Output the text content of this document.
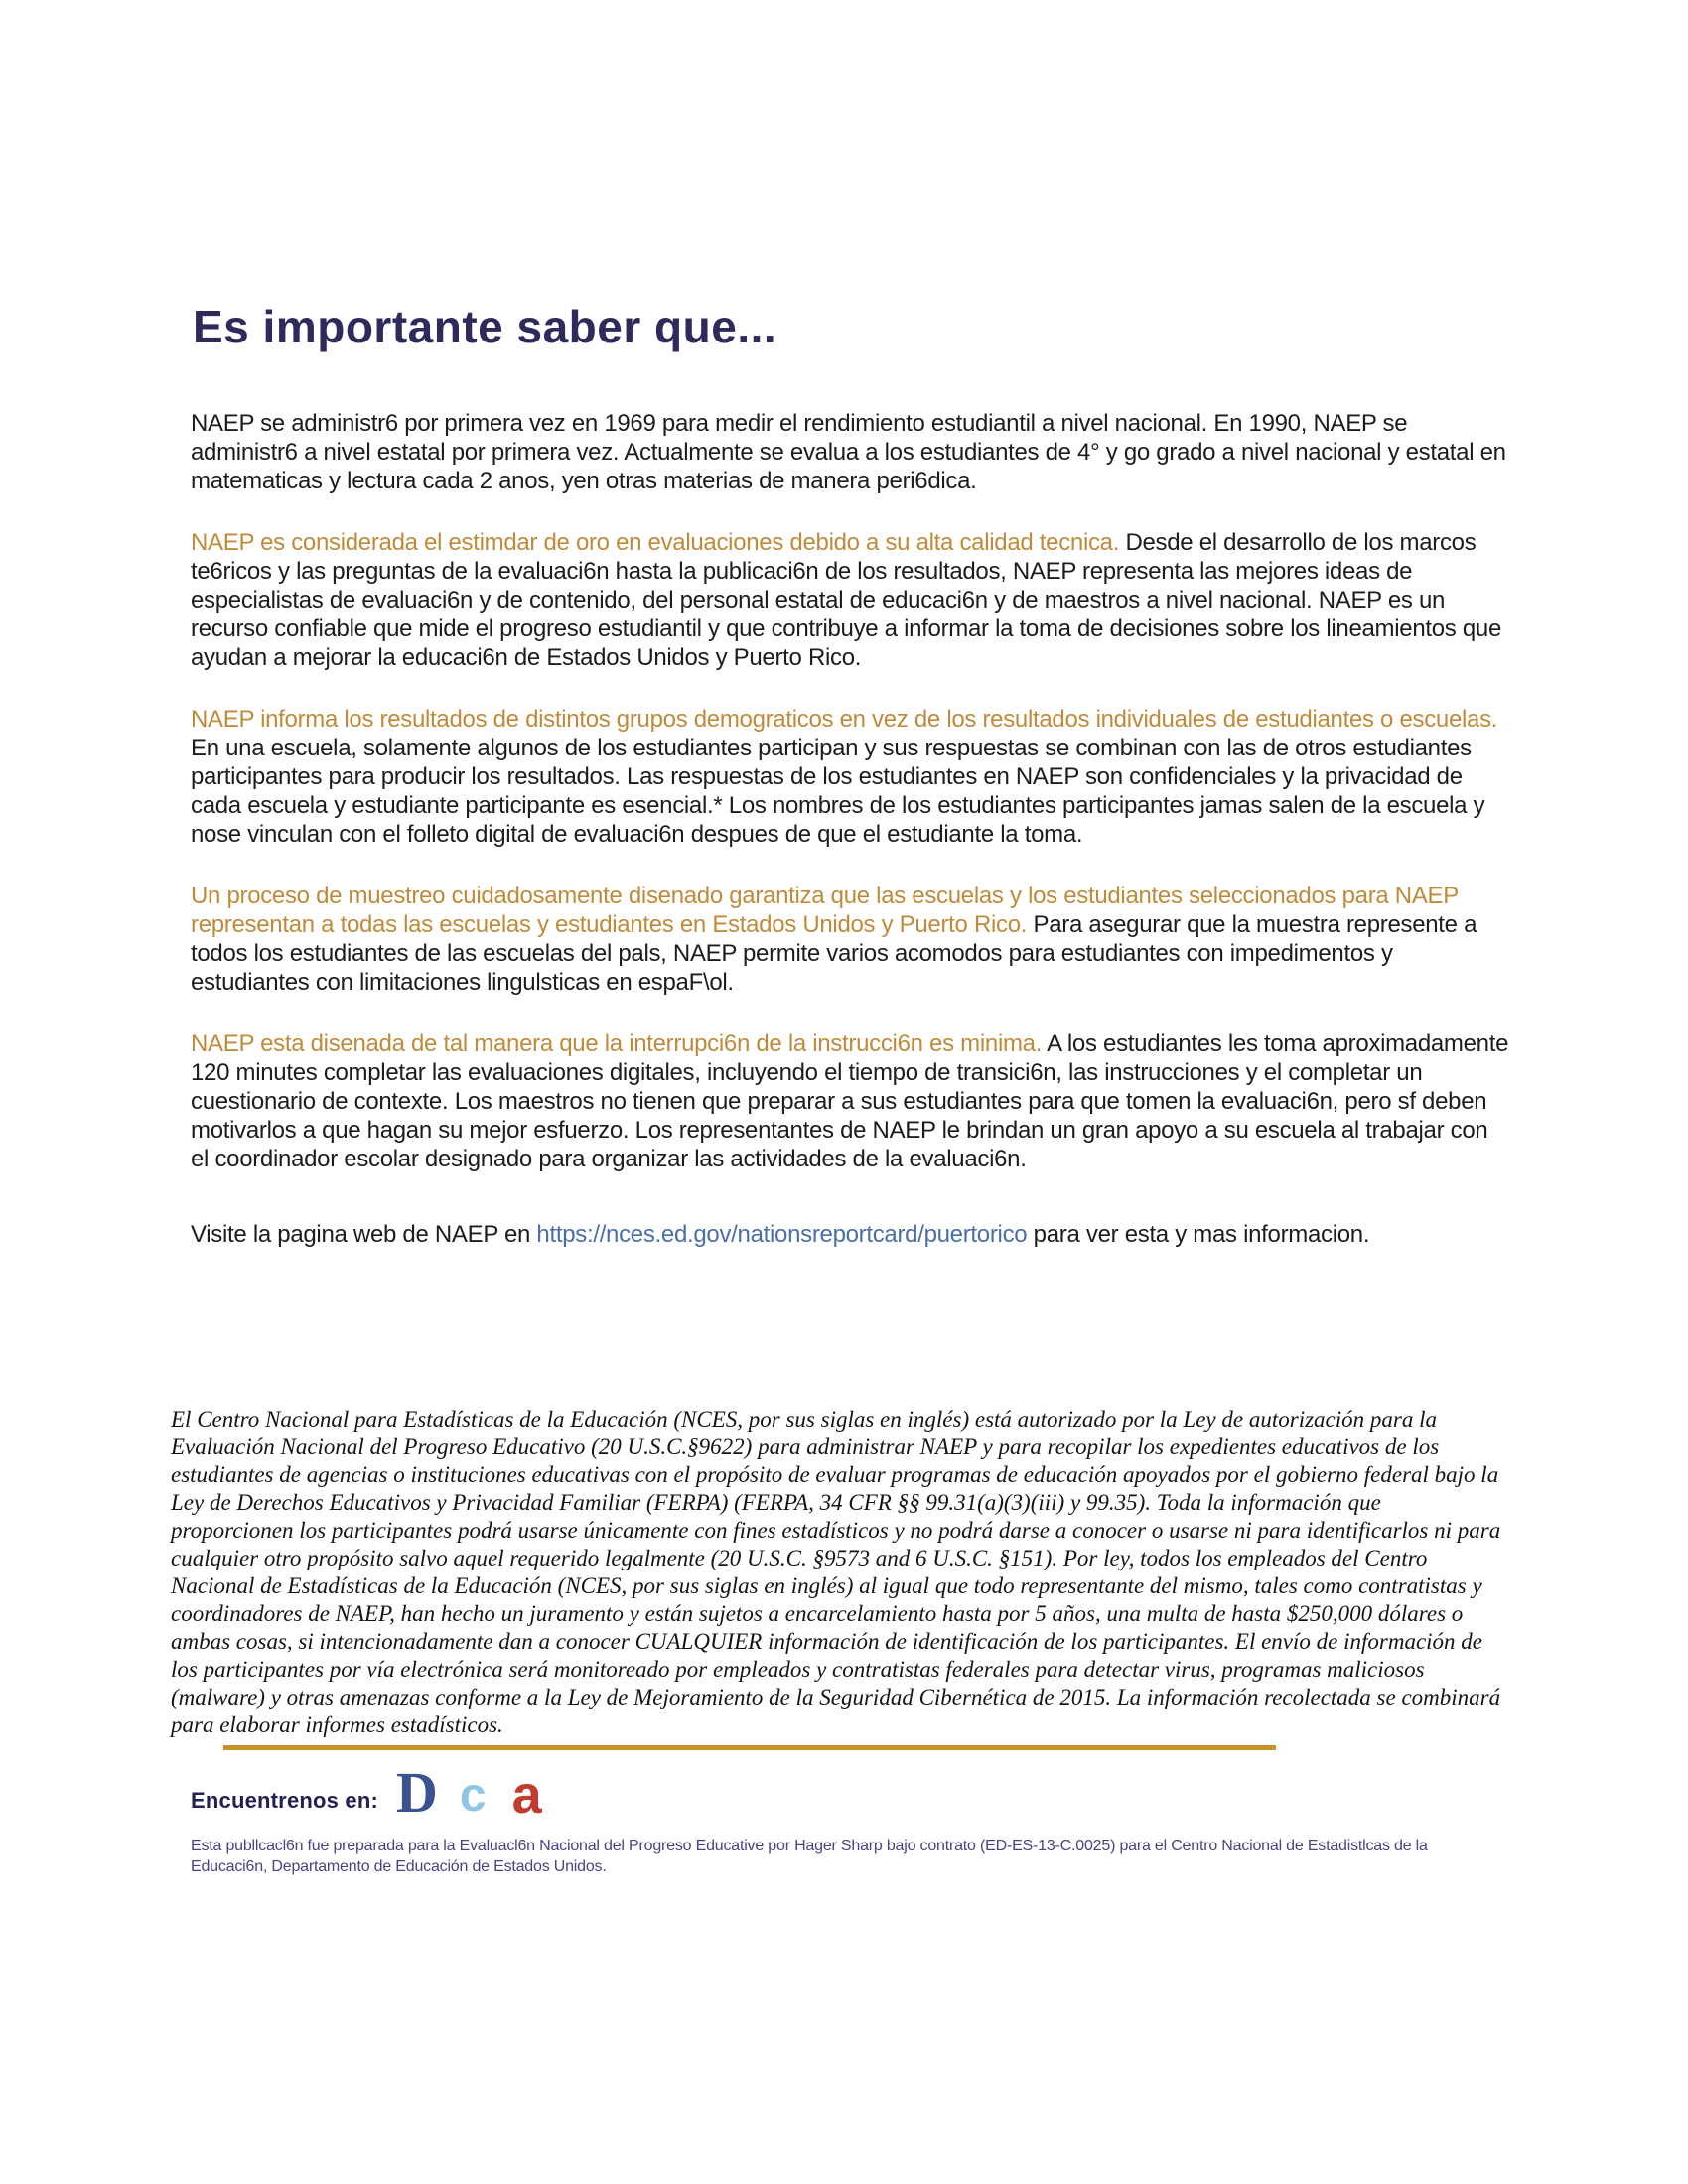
Es importante saber que...

NAEP se administr6 por primera vez en 1969 para medir el rendimiento estudiantil a nivel nacional. En 1990, NAEP se administr6 a nivel estatal por primera vez. Actualmente se evalua a los estudiantes de 4° y go grado a nivel nacional y estatal en matematicas y lectura cada 2 anos, yen otras materias de manera peri6dica.

NAEP es considerada el estimdar de oro en evaluaciones debido a su alta calidad tecnica. Desde el desarrollo de los marcos te6ricos y las preguntas de la evaluaci6n hasta la publicaci6n de los resultados, NAEP representa las mejores ideas de especialistas de evaluaci6n y de contenido, del personal estatal de educaci6n y de maestros a nivel nacional. NAEP es un recurso confiable que mide el progreso estudiantil y que contribuye a informar la toma de decisiones sobre los lineamientos que ayudan a mejorar la educaci6n de Estados Unidos y Puerto Rico.

NAEP informa los resultados de distintos grupos demograticos en vez de los resultados individuales de estudiantes o escuelas. En una escuela, solamente algunos de los estudiantes participan y sus respuestas se combinan con las de otros estudiantes participantes para producir los resultados. Las respuestas de los estudiantes en NAEP son confidenciales y la privacidad de cada escuela y estudiante participante es esencial.* Los nombres de los estudiantes participantes jamas salen de la escuela y nose vinculan con el folleto digital de evaluaci6n despues de que el estudiante la toma.

Un proceso de muestreo cuidadosamente disenado garantiza que las escuelas y los estudiantes seleccionados para NAEP representan a todas las escuelas y estudiantes en Estados Unidos y Puerto Rico. Para asegurar que la muestra represente a todos los estudiantes de las escuelas del pals, NAEP permite varios acomodos para estudiantes con impedimentos y estudiantes con limitaciones lingulsticas en espaF\ol.

NAEP esta disenada de tal manera que la interrupci6n de la instrucci6n es minima. A los estudiantes les toma aproximadamente 120 minutes completar las evaluaciones digitales, incluyendo el tiempo de transici6n, las instrucciones y el completar un cuestionario de contexte. Los maestros no tienen que preparar a sus estudiantes para que tomen la evaluaci6n, pero sf deben motivarlos a que hagan su mejor esfuerzo. Los representantes de NAEP le brindan un gran apoyo a su escuela al trabajar con el coordinador escolar designado para organizar las actividades de la evaluaci6n.

Visite la pagina web de NAEP en https://nces.ed.gov/nationsreportcard/puertorico para ver esta y mas informacion.

El Centro Nacional para Estadísticas de la Educación (NCES, por sus siglas en inglés) está autorizado por la Ley de autorización para la Evaluación Nacional del Progreso Educativo (20 U.S.C.§9622) para administrar NAEP y para recopilar los expedientes educativos de los estudiantes de agencias o instituciones educativas con el propósito de evaluar programas de educación apoyados por el gobierno federal bajo la Ley de Derechos Educativos y Privacidad Familiar (FERPA) (FERPA, 34 CFR §§ 99.31(a)(3)(iii) y 99.35). Toda la información que proporcionen los participantes podrá usarse únicamente con fines estadísticos y no podrá darse a conocer o usarse ni para identificarlos ni para cualquier otro propósito salvo aquel requerido legalmente (20 U.S.C. §9573 and 6 U.S.C. §151). Por ley, todos los empleados del Centro Nacional de Estadísticas de la Educación (NCES, por sus siglas en inglés) al igual que todo representante del mismo, tales como contratistas y coordinadores de NAEP, han hecho un juramento y están sujetos a encarcelamiento hasta por 5 años, una multa de hasta $250,000 dólares o ambas cosas, si intencionadamente dan a conocer CUALQUIER información de identificación de los participantes. El envío de información de los participantes por vía electrónica será monitoreado por empleados y contratistas federales para detectar virus, programas maliciosos (malware) y otras amenazas conforme a la Ley de Mejoramiento de la Seguridad Cibernética de 2015. La información recolectada se combinará para elaborar informes estadísticos.

Encuentrenos en: D c a

Esta publlcacl6n fue preparada para la Evaluacl6n Nacional del Progreso Educative por Hager Sharp bajo contrato (ED-ES-13-C.0025) para el Centro Nacional de Estadistlcas de la Educaci6n, Departamento de Educación de Estados Unidos.
